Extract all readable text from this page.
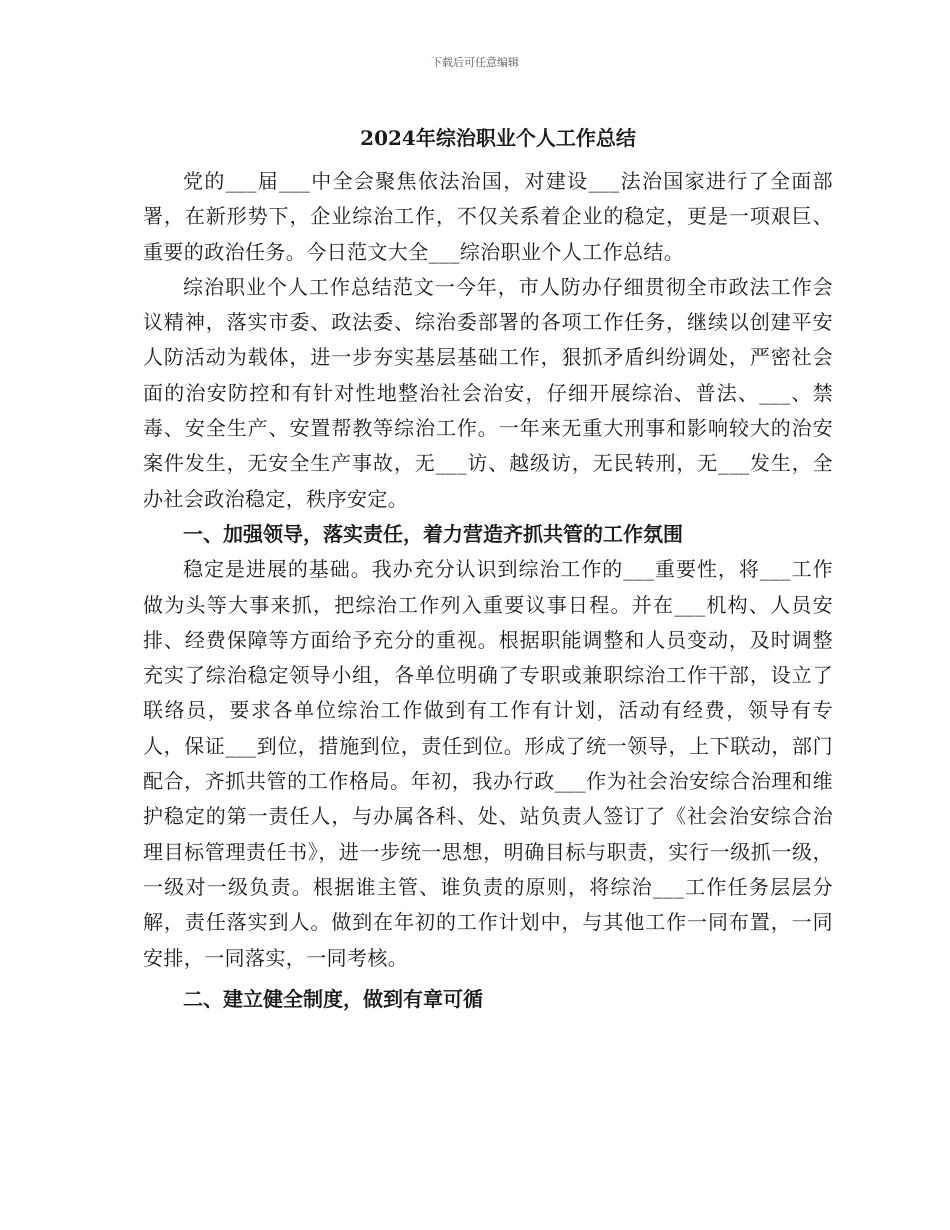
下载后可任意编辑
2024年综治职业个人工作总结

党的___届___中全会聚焦依法治国，对建设___法治国家进行了全面部署，在新形势下，企业综治工作，不仅关系着企业的稳定，更是一项艰巨、重要的政治任务。今日范文大全___综治职业个人工作总结。

综治职业个人工作总结范文一今年，市人防办仔细贯彻全市政法工作会议精神，落实市委、政法委、综治委部署的各项工作任务，继续以创建平安人防活动为载体，进一步夯实基层基础工作，狠抓矛盾纠纷调处，严密社会面的治安防控和有针对性地整治社会治安，仔细开展综治、普法、___、禁毒、安全生产、安置帮教等综治工作。一年来无重大刑事和影响较大的治安案件发生，无安全生产事故，无___访、越级访，无民转刑，无___发生，全办社会政治稳定，秩序安定。

一、加强领导，落实责任，着力营造齐抓共管的工作氛围

稳定是进展的基础。我办充分认识到综治工作的___重要性，将___工作做为头等大事来抓，把综治工作列入重要议事日程。并在___机构、人员安排、经费保障等方面给予充分的重视。根据职能调整和人员变动，及时调整充实了综治稳定领导小组，各单位明确了专职或兼职综治工作干部，设立了联络员，要求各单位综治工作做到有工作有计划，活动有经费，领导有专人，保证___到位，措施到位，责任到位。形成了统一领导，上下联动，部门配合，齐抓共管的工作格局。年初，我办行政___作为社会治安综合治理和维护稳定的第一责任人，与办属各科、处、站负责人签订了《社会治安综合治理目标管理责任书》，进一步统一思想，明确目标与职责，实行一级抓一级，一级对一级负责。根据谁主管、谁负责的原则，将综治___工作任务层层分解，责任落实到人。做到在年初的工作计划中，与其他工作一同布置，一同安排，一同落实，一同考核。

二、建立健全制度，做到有章可循
